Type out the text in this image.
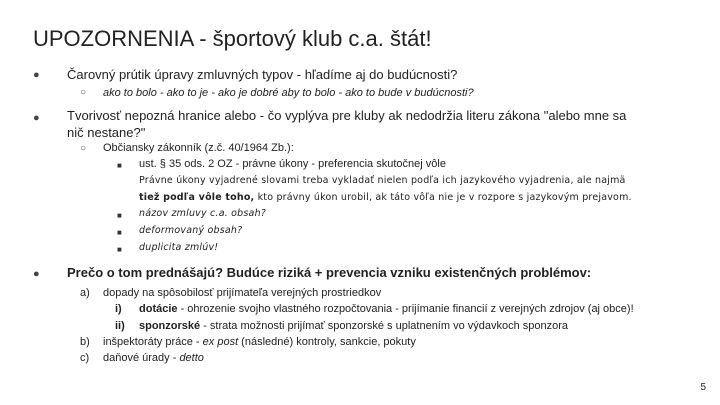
UPOZORNENIA - športový klub c.a. štát!
● Čarovný prútik úpravy zmluvných typov - hľadíme aj do budúcnosti?
○ ako to bolo - ako to je - ako je dobré aby to bolo - ako to bude v budúcnosti?
● Tvorivosť nepozná hranice alebo - čo vyplýva pre kluby ak nedodržia literu zákona "alebo mne sa
nič nestane?"
○ Občiansky zákonník (z.č. 40/1964 Zb.):
■ ust. § 35 ods. 2 OZ - právne úkony - preferencia skutočnej vôle
Právne úkony vyjadrené slovami treba vykladať nielen podľa ich jazykového vyjadrenia, ale najmä
tiež podľa vôle toho, kto právny úkon urobil, ak táto vôľa nie je v rozpore s jazykovým prejavom.
■ názov zmluvy c.a. obsah?
■ deformovaný obsah?
■ duplicita zmlúv!
● Prečo o tom prednášajú? Budúce riziká + prevencia vzniku existenčných problémov:
a) dopady na spôsobilosť prijímateľa verejných prostriedkov
i) dotácie - ohrozenie svojho vlastného rozpočtovania - prijímanie financií z verejných zdrojov (aj obce)!
ii) sponzorské - strata možnosti prijímať sponzorské s uplatnením vo výdavkoch sponzora
b) inšpektoráty práce - ex post (následné) kontroly, sankcie, pokuty
c) daňové úrady - detto
5
